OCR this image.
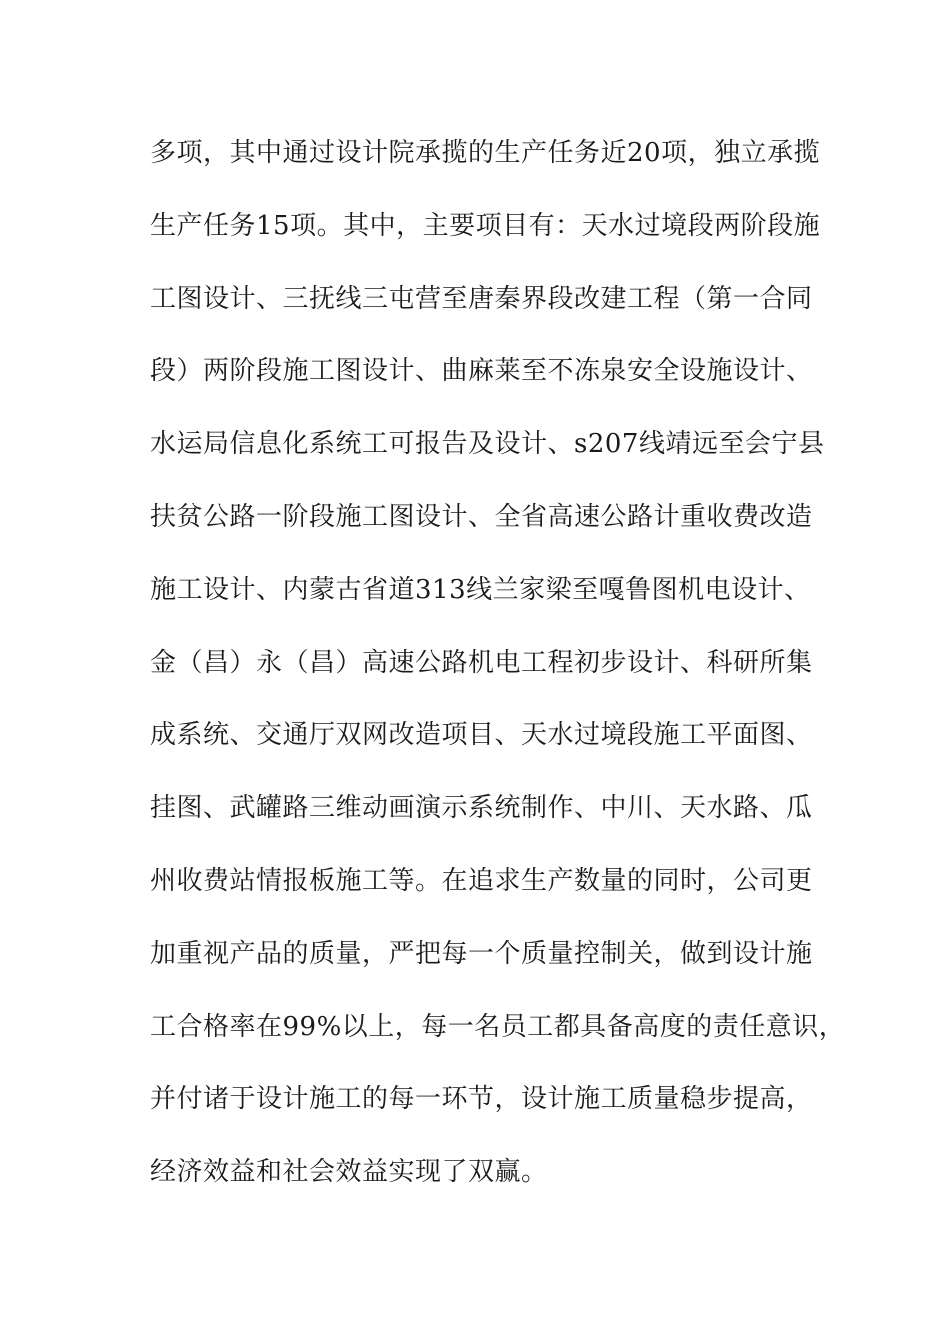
多项，其中通过设计院承揽的生产任务近20项，独立承揽
生产任务15项。其中，主要项目有：天水过境段两阶段施
工图设计、三抚线三屯营至唐秦界段改建工程（第一合同
段）两阶段施工图设计、曲麻莱至不冻泉安全设施设计、
水运局信息化系统工可报告及设计、s207线靖远至会宁县
扶贫公路一阶段施工图设计、全省高速公路计重收费改造
施工设计、内蒙古省道313线兰家梁至嘎鲁图机电设计、
金（昌）永（昌）高速公路机电工程初步设计、科研所集
成系统、交通厅双网改造项目、天水过境段施工平面图、
挂图、武罐路三维动画演示系统制作、中川、天水路、瓜
州收费站情报板施工等。在追求生产数量的同时，公司更
加重视产品的质量，严把每一个质量控制关，做到设计施
工合格率在99%以上，每一名员工都具备高度的责任意识，
并付诸于设计施工的每一环节，设计施工质量稳步提高，
经济效益和社会效益实现了双赢。
